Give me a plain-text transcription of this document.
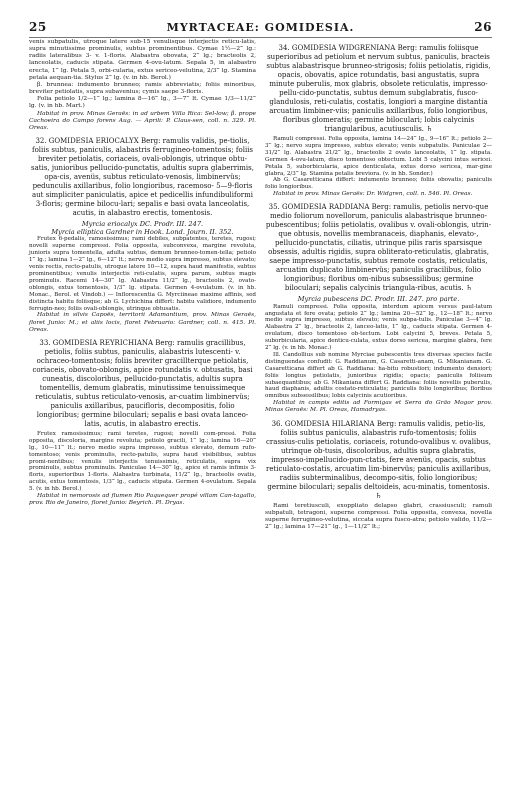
25	MYRTACEAE: GOMIDESIA.	26

venis subpatulis, utroque latere sub-15 venulisque interjectis reticu-latis, supra minutissime prominulis, subtus prominentibus. Cymae 1½—2‴ lg.: radiis lateralibus 3- v. 1-floris. Alabastra obovata, 2‴ lg.; bracteolis 2, lanceolatis, caducis stipata. Germen 4-ovu-latum. Sepala 5, in alabastro erecta, 1‴ lg. Petala 5, orbi-cularia, extus sericeo-velutina, 2/3‴ lg. Stamina petala aequan-tia. Stylus 2‴ lg. (v. in hb. Berol.)

β. brunnea: indumento brunneo; ramis abbreviatis; foliis minoribus, breviter petiolatis, supra subavenius; cymis saepe 3-floris.

Folia petiolo 1/2—1‴ lg.; lamina 8—16‴ lg., 3—7‴ lt. Cymae 1/3—11/2‴ lg. (v. in hb. Mart.)

Habitat in prov. Minas Geraës: in ad urbem Villa Rica: Sel-low; β. prope Cachoeira do Campo forens Aug. — Aprili: P. Claus-sen, coll. n. 329. Pl. Oreas.

32. GOMIDESIA ERIOCALYX Berg: ramulis validis, pe-tiolis, foliis subtus, paniculis, alabastris ferrugineo-tomentosis; foliis breviter petiolatis, coriaceis, ovali-oblongis, utrinque obtu-satis, junioribus pellucido-punctatis, adultis supra glaberrimis, opa-cis, avenüs, subtus reticulato-venosis, limbinervüs; pedunculis axillaribus, folio longioribus, racemoso- 5—9-floris aut simpliciter paniculatis, apice et pedicellis infundibuliformi 3-floris; germine bilocu-lari; sepalis e basi ovata lanceolatis, acutis, in alabastro erectis, tomentosis.

Myrcia eriocalyx DC. Prodr. III. 247.

Myrcia elliptica Gardner in Hook. Lond. Journ. II. 352.

Frutex 6-pedalis, ramosissimus; rami debiles, subpatentes, teretes, rugosi; novelli superne compressi. Folia opposita, subconvexa, margine revoluta, junioris supra tomentella, adulta subtus, demum brunneo-tomen-tella; petiolo 1‴ lg.; lamina 1—2‴ lg., 6—12‴ lt.; nervo medio supra impresso, subtus elevato; venis rectis, recto-patulis, utroque latere 10—12, supra haud manifestis, subtus prominentibus; venulis interjectis reti-culatis, supra parum, subtus magis prominulis. Racemi 14—30‴ lg. Alabastra 11/2‴ lg., bracteolis 2, ovato-oblongis, extus tomentosis, 1/3‴ lg. stipata. Germen 4-ovulatum. (v. in hb. Monac., Berol. et Vindob.) — Inflorescentia G. Myrciineae maxime affinis, sed distincta habitu foliisque; ab G. Lychichina differt: habitu validiore, indumento ferrugin-neo; foliis ovali-oblongis, utrinque obtusatis.

Habitat in silvis Capoës, territorii Adamantium, prov. Minas Geraës, floret Junio: M.; et aliis locis, floret Februario: Gardner, coll. n. 415. Pl. Oreas.

33. GOMIDESIA REYRICHIANA Berg: ramulis gracillibus, petiolis, foliis subtus, paniculis, alabastris lutescenti- v. ochraceo-tomentosis; foliis breviter gracillterque petiolatis, coriaceis, obovato-oblongis, apice rotundatis v. obtusatis, basi cuneatis, discoloribus, pellucido-punctatis, adultis supra tomentellis, demum glabratis, minutissime tenuissimeque reticulatis, subtus reticulato-venosis, ar-cuatim limbinervüs; paniculis axillaribus, paucifloris, decompositis, folio longioribus; germine biloculari; sepalis e basi ovata lanceo-latis, acutis, in alabastro erectis.

Frutex ramosissimus; rami teretes, rugosi; novelli com-pressi. Folia opposita, discoloria, margine revoluta; petiolo gracili, 1‴ lg.; lamina 16—20‴ lg., 10—11‴ lt.; nervo medio supra impresso, subtus elevato, demum rufo-tomentoso; venis prominulis, recto-patulis, supra haud visibilibus, subtus promi-nentibus; venulis interjectis tenuissimis, reticulatis, supra vix prominulis, subtus prominulis. Paniculae 14—30‴ lg., apice et ramis infimis 3-floris, superioribus 1-floris. Alabastra turbinata, 11/2‴ lg., bracteolis ovatis, acutis, extus tomentosis, 1/3‴ lg., caducis stipata. Germen 4-ovulatum. Sepala 5. (v. in hb. Berol.)

Habitat in nemorosis ad flumen Rio Paquequer propé villam Can-tagallo, prov. Rio de Janeiro, floret Junio: Beyrich. Pl. Dryas.

34. GOMIDESIA WIDGRENIANA Berg: ramulis foliisque superioribus ad petiolum et nervum subtus, paniculis, bracteis subtus alabastrisque brunneo-strigosis; foliis petiolatis, rigidis, opacis, obovatis, apice rotundatis, basi angustatis, supra minute puberulis, mox glabris, obsolete reticulatis, impresso-pellu-cido-punctatis, subtus demum subglabratis, fusco-glandulosis, reti-culatis, costatis, longiori a margine distantia arcuatim limbiner-viis; paniculis axillaribus, folio longioribus, floribus glomeratis; germine biloculari; lobis calycinis triangularibus, acutiusculis. ♄

Ramuli compressi. Folia opposita, lamina 14—24‴ lg., 9—16‴ lt.; petiolo 2—3‴ lg.; nervo supra impresso, subtus elevato; venis subpatulis. Paniculae 2—31/2‴ lg. Alabastra 21/2‴ lg., bracteolis 2 ovato lanceolatis, 1‴ lg. stipata. Germen 4-ovu-latum, disco tomentoso obtectum. Lobi 5 calycini intus sericei. Petala 5, suborbicularia, apice denticulata, extus dorso sericea, mar-gine glabra, 2/3‴ lg. Stamina petalis breviora. (v. in hb. Sonder.)

Ab G. Casaretticana differt: indumento brunneo; foliis obovatis; paniculis folio longioribus.

Habitat in prov. Minas Geraës: Dr. Widgren, coll. n. 546. Pl. Oreas.

35. GOMIDESIA RADDIANA Berg: ramulis, petiolis nervo-que medio foliorum novellorum, paniculis alabastrisque brunneo-pubescentibus; foliis petiolatis, ovalibus v. ovali-oblongis, utrin-que obtusis, novellis membranaceis, diaphanis, elevato-, pellucido-punctatis, ciliatis, utrinque pilis raris sparsisque obsessis, adultis rigidis, supra obliterato-reticulatis, glabratis, saepe impresso-punctatis, subtus remote costatis, reticulatis, arcuatim duplicato limbinervüs; paniculis gracilibus, folio longioribus; floribus om-nibus subsessilibus; germine biloculari; sepalis calycinis triangula-ribus, acutis. ♄

Myrcia pubescens DC. Prodr. III. 247. pro parte.

Ramuli compressi. Folia opposita, interdum apicem versus paul-latum angustata et fere ovata; petiolo 2‴ lg.; lamina 20—52‴ lg., 12—18‴ lt.; nervo medio supra impresso, subtus elevato; venis subpa-tulis. Paniculae 3—4‴ lg. Alabastra 2‴ lg., bracteolis 2, lanceo-latis, 1‴ lg., caducis stipata. Germen 4-ovulatum, disco tomentoso ob-tectum. Lobi calycini 5, breves. Petala 5, suborbicularia, apice denticu-culata, extus dorso sericea, margine glabra, fere 2‴ lg. (v. in hb. Monac.)

Ill. Candollius sub nomine Myrciae pubescentis tres diversas species facile distinguendas confudit: G. Raddianum, G. Casaretti-anam, G. Mikanianam. G. Casaretticana differt ab G. Raddiana: ha-bitu robustiori; indumento densiori; foliis longius petiolatis, junioribus rigidis; opacis; paniculis foliisum subaequantibus; ab G. Mikaniana differt G. Raddiana: foliis novellis puberulis, haud diaphanis, adultis costato-reticulatis; paniculis folio longioribus; floribus omnibus subsessilibus; lobis calycinis acutioribus.

Habitat in campis editis ad Formigas et Serra do Gräo Mogor prov. Minas Geraës: M. Pl. Oreas, Hamadryas.

36. GOMIDESIA HILARIANA Berg: ramulis validis, petio-lis, foliis subtus paniculis, alabastris rufo-tomentosis; foliis crassius-culis petiolatis, coriaceis, rotundo-ovalibus v. ovalibus, utrinque ob-tusis, discoloribus, adultis supra glabratis, impresso-impellucido-pun-ctatis, fere avenüs, opacis, subtus reticulato-costatis, arcuatim lim-binervüs; paniculis axillaribus, radiis subterminalibus, decompo-sitis, folio longioribus; germine biloculari; sepalis deltoideis, acu-minatis, tomentosis. ♄

Rami teretiusculi, exoppliato delapso glabri, crassiusculi; ramuli subpatuli, tetragoni, superne compressi. Folia opposita, convexa, novella superne ferrugineo-velutina, siccata supra fusco-atra; petiolo valido, 11/2—2‴ lg.; lamina 17—21‴ lg., 1—11/2‴ lt.;
